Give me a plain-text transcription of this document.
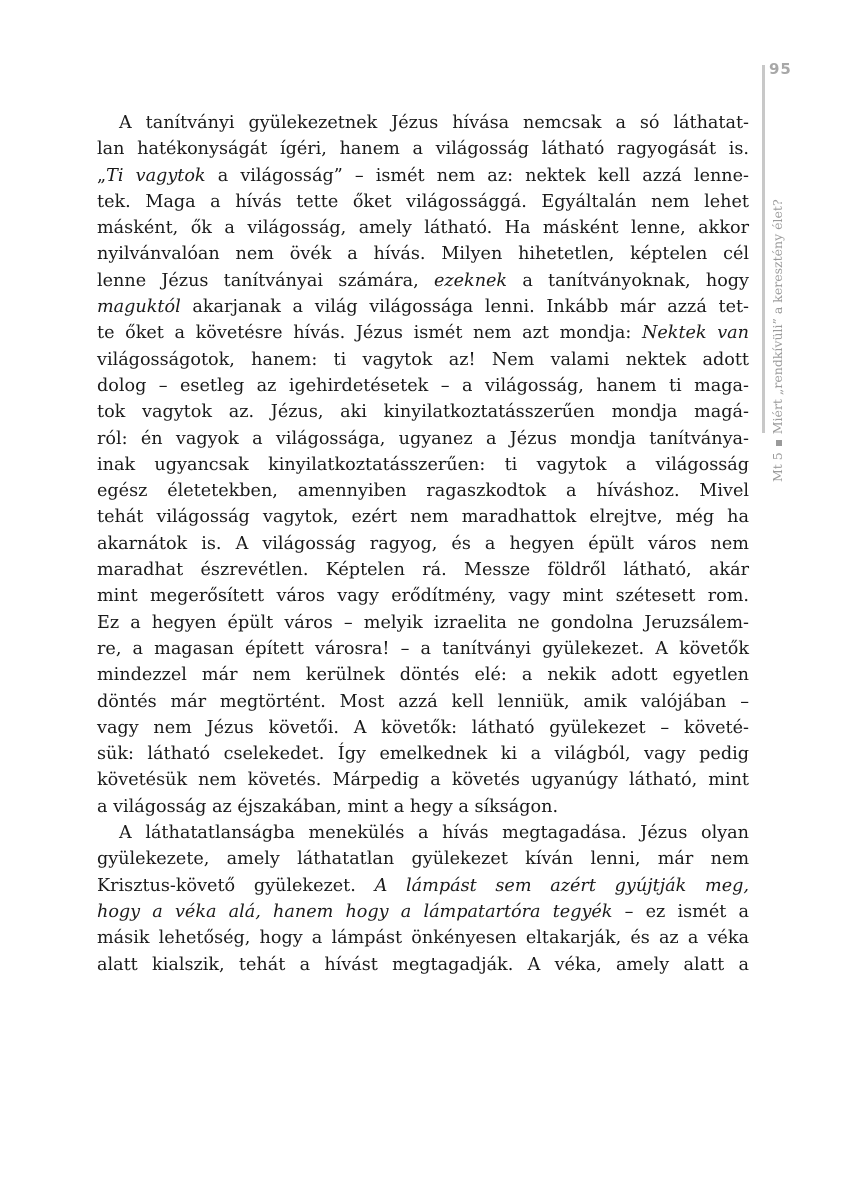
95
Mt 5Miért „rendkívüli” a keresztény élet?
A tanítványi gyülekezetnek Jézus hívása nemcsak a só láthatat-
lan hatékonyságát ígéri, hanem a világosság látható ragyogását is.
„Ti vagytok a világosság” – ismét nem az: nektek kell azzá lenne-
tek. Maga a hívás tette őket világossággá. Egyáltalán nem lehet
másként, ők a világosság, amely látható. Ha másként lenne, akkor
nyilvánvalóan nem övék a hívás. Milyen hihetetlen, képtelen cél
lenne Jézus tanítványai számára, ezeknek a tanítványoknak, hogy
maguktól akarjanak a világ világossága lenni. Inkább már azzá tet-
te őket a követésre hívás. Jézus ismét nem azt mondja: Nektek van
világosságotok, hanem: ti vagytok az! Nem valami nektek adott
dolog – esetleg az igehirdetésetek – a világosság, hanem ti maga-
tok vagytok az. Jézus, aki kinyilatkoztatásszerűen mondja magá-
ról: én vagyok a világossága, ugyanez a Jézus mondja tanítványa-
inak ugyancsak kinyilatkoztatásszerűen: ti vagytok a világosság
egész életetekben, amennyiben ragaszkodtok a híváshoz. Mivel
tehát világosság vagytok, ezért nem maradhattok elrejtve, még ha
akarnátok is. A világosság ragyog, és a hegyen épült város nem
maradhat észrevétlen. Képtelen rá. Messze földről látható, akár
mint megerősített város vagy erődítmény, vagy mint szétesett rom.
Ez a hegyen épült város – melyik izraelita ne gondolna Jeruzsálem-
re, a magasan épített városra! – a tanítványi gyülekezet. A követők
mindezzel már nem kerülnek döntés elé: a nekik adott egyetlen
döntés már megtörtént. Most azzá kell lenniük, amik valójában –
vagy nem Jézus követői. A követők: látható gyülekezet – követé-
sük: látható cselekedet. Így emelkednek ki a világból, vagy pedig
követésük nem követés. Márpedig a követés ugyanúgy látható, mint
a világosság az éjszakában, mint a hegy a síkságon.
A láthatatlanságba menekülés a hívás megtagadása. Jézus olyan
gyülekezete, amely láthatatlan gyülekezet kíván lenni, már nem
Krisztus-követő gyülekezet. A lámpást sem azért gyújtják meg,
hogy a véka alá, hanem hogy a lámpatartóra tegyék – ez ismét a
másik lehetőség, hogy a lámpást önkényesen eltakarják, és az a véka
alatt kialszik, tehát a hívást megtagadják. A véka, amely alatt a
